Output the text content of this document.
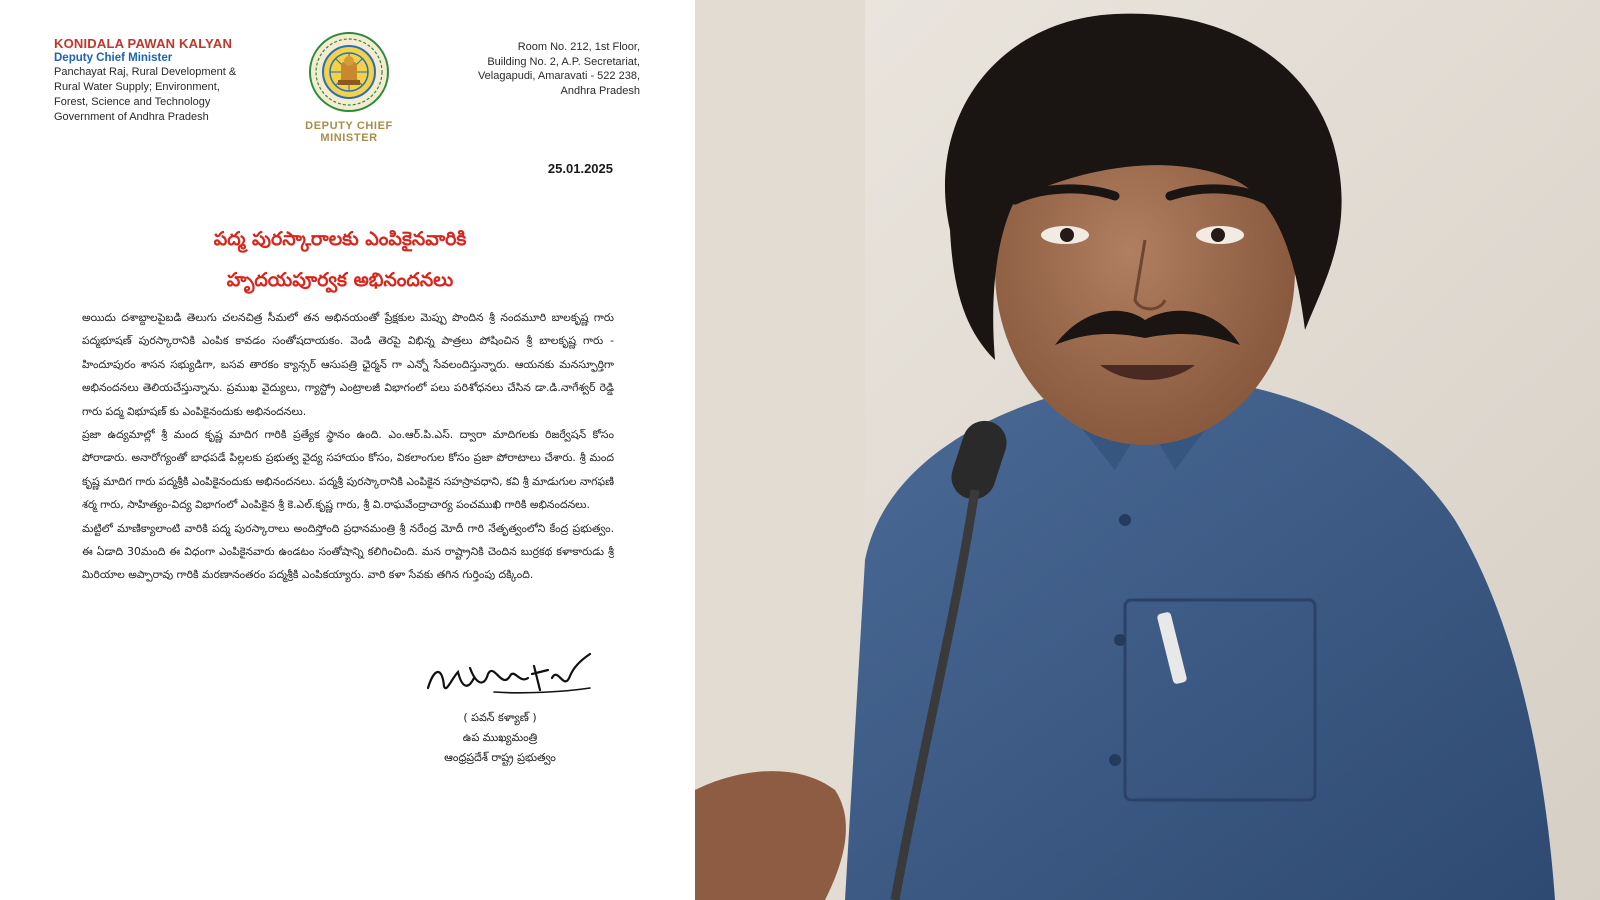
KONIDALA PAWAN KALYAN
Deputy Chief Minister
Panchayat Raj, Rural Development &
Rural Water Supply; Environment,
Forest, Science and Technology
Government of Andhra Pradesh
DEPUTY CHIEF MINISTER
Room No. 212, 1st Floor,
Building No. 2, A.P. Secretariat,
Velagapudi, Amaravati - 522 238,
Andhra Pradesh
25.01.2025
పద్మ పురస్కారాలకు ఎంపికైనవారికి
హృదయపూర్వక అభినందనలు

అయిదు దశాబ్దాలపైబడి తెలుగు చలనచిత్ర సీమలో తన అభినయంతో ప్రేక్షకుల మెప్పు పొందిన శ్రీ నందమూరి బాలకృష్ణ గారు పద్మభూషణ్ పురస్కారానికి ఎంపిక కావడం సంతోషదాయకం. వెండి తెరపై విభిన్న పాత్రలు పోషించిన శ్రీ బాలకృష్ణ గారు - హిందూపురం శాసన సభ్యుడిగా, బసవ తారకం క్యాన్సర్ ఆసుపత్రి ఛైర్మన్ గా ఎన్నో సేవలందిస్తున్నారు. ఆయనకు మనస్ఫూర్తిగా అభినందనలు తెలియచేస్తున్నాను. ప్రముఖ వైద్యులు, గ్యాస్ట్రో ఎంట్రాలజీ విభాగంలో పలు పరిశోధనలు చేసిన డా.డి.నాగేశ్వర్ రెడ్డి గారు పద్మ విభూషణ్ కు ఎంపికైనందుకు అభినందనలు.

ప్రజా ఉద్యమాల్లో శ్రీ మంద కృష్ణ మాదిగ గారికి ప్రత్యేక స్థానం ఉంది. ఎం.ఆర్.పి.ఎస్. ద్వారా మాదిగలకు రిజర్వేషన్ కోసం పోరాడారు. అనారోగ్యంతో బాధపడే పిల్లలకు ప్రభుత్వ వైద్య సహాయం కోసం, వికలాంగుల కోసం ప్రజా పోరాటాలు చేశారు. శ్రీ మంద కృష్ణ మాదిగ గారు పద్మశ్రీకి ఎంపికైనందుకు అభినందనలు. పద్మశ్రీ పురస్కారానికి ఎంపికైన సహస్రావధాని, కవి శ్రీ మాడుగుల నాగఫణి శర్మ గారు, సాహిత్యం-విద్య విభాగంలో ఎంపికైన శ్రీ కె.ఎల్.కృష్ణ గారు, శ్రీ వి.రాఘవేంద్రాచార్య పంచముఖి గారికి అభినందనలు.

మట్టిలో మాణిక్యాలాంటి వారికి పద్మ పురస్కారాలు అందిస్తోంది ప్రధానమంత్రి శ్రీ నరేంద్ర మోదీ గారి నేతృత్వంలోని కేంద్ర ప్రభుత్వం. ఈ ఏడాది 30మంది ఈ విధంగా ఎంపికైనవారు ఉండటం సంతోషాన్ని కలిగించింది. మన రాష్ట్రానికి చెందిన బుర్రకథ కళాకారుడు శ్రీ మిరియాల అప్పారావు గారికి మరణానంతరం పద్మశ్రీకి ఎంపికయ్యారు. వారి కళా సేవకు తగిన గుర్తింపు దక్కింది.

( పవన్ కళ్యాణ్ )
ఉప ముఖ్యమంత్రి
ఆంధ్రప్రదేశ్ రాష్ట్ర ప్రభుత్వం
